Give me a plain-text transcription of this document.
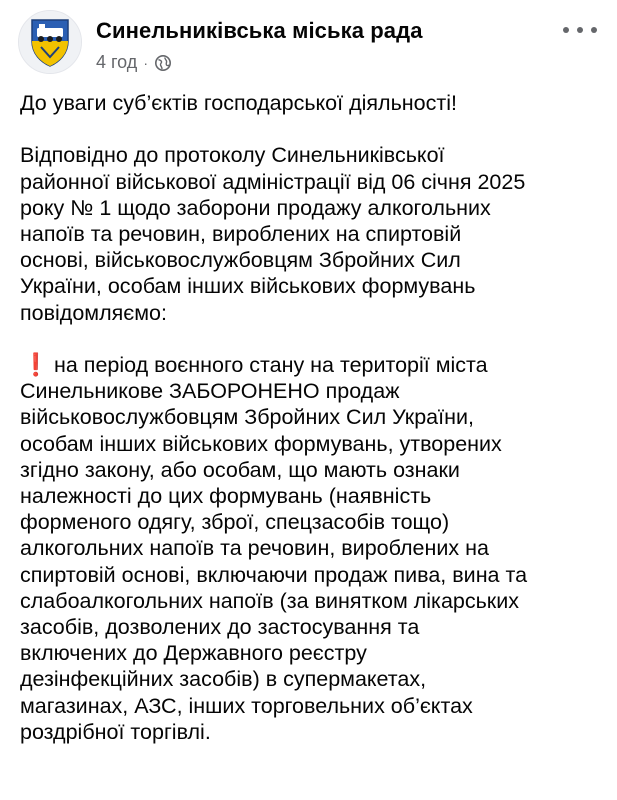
Синельниківська міська рада
4 год ·

До уваги суб’єктів господарської діяльності!

Відповідно до протоколу Синельниківської
районної військової адміністрації від 06 січня 2025
року № 1 щодо заборони продажу алкогольних
напоїв та речовин, вироблених на спиртовій
основі, військовослужбовцям Збройних Сил
України, особам інших військових формувань
повідомляємо:

❗ на період воєнного стану на території міста
Синельникове ЗАБОРОНЕНО продаж
військовослужбовцям Збройних Сил України,
особам інших військових формувань, утворених
згідно закону, або особам, що мають ознаки
належності до цих формувань (наявність
форменого одягу, зброї, спецзасобів тощо)
алкогольних напоїв та речовин, вироблених на
спиртовій основі, включаючи продаж пива, вина та
слабоалкогольних напоїв (за винятком лікарських
засобів, дозволених до застосування та
включених до Державного реєстру
дезінфекційних засобів) в супермакетах,
магазинах, АЗС, інших торговельних об’єктах
роздрібної торгівлі.
